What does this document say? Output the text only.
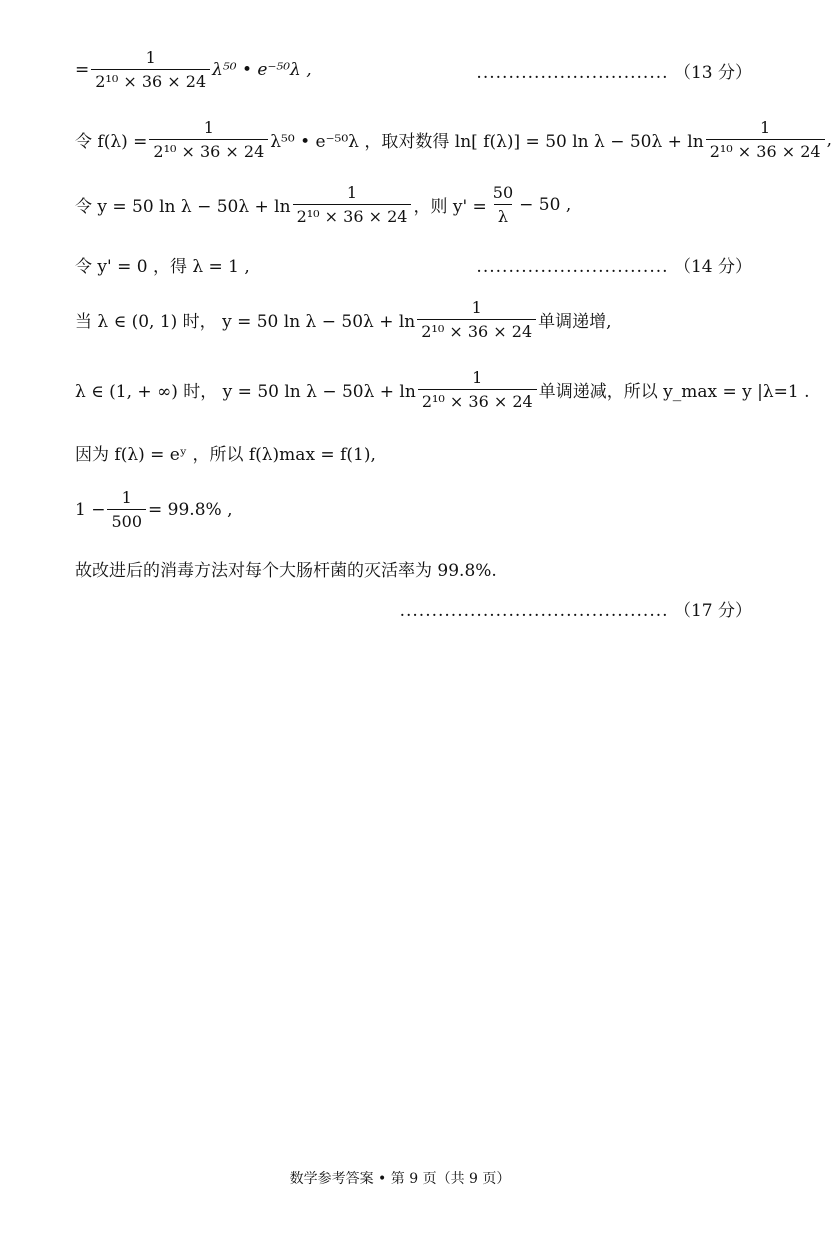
= $\frac{1}{\text{2¹⁰ × 36 × 24}} \lambda^{50}$ • e⁻⁵⁰λ ,	.............................. （13 分）
令 $f(\lambda) = \frac{1}{\text{2¹⁰ × 36 × 24}} \lambda^{50}$ • e⁻⁵⁰λ ，取对数得 ln[ f(λ)] = 50 $\ln \lambda - 50\lambda + \ln \frac{1}{\text{2¹⁰ × 36 × 24}}$ ,
令 y = 50 $\ln \lambda - 50\lambda + \ln \frac{1}{\text{2¹⁰ × 36 × 24}}$ ，则 $y' = \frac{50}{\lambda} - 50$ ,
令 y' = 0 ，得 λ = 1 ,	.............................. （14 分）
当 λ ∈ (0, 1) 时， y = 50 $\ln \lambda - 50\lambda + \ln \frac{1}{\text{2¹⁰ × 36 × 24}}$ 单调递增,
λ ∈ (1, + ∞) 时， y = 50 $\ln \lambda - 50\lambda + \ln \frac{1}{\text{2¹⁰ × 36 × 24}}$ 单调递减，所以 y_max = y |λ=1 .
因为 f(λ) = eʸ ，所以 f(λ)max = f(1),
$1 - \frac{1}{500} = 99.8\%$ ,
故改进后的消毒方法对每个大肠杆菌的灭活率为 99.8%.
.......................................... （17 分）
数学参考答案 • 第 9 页（共 9 页）
